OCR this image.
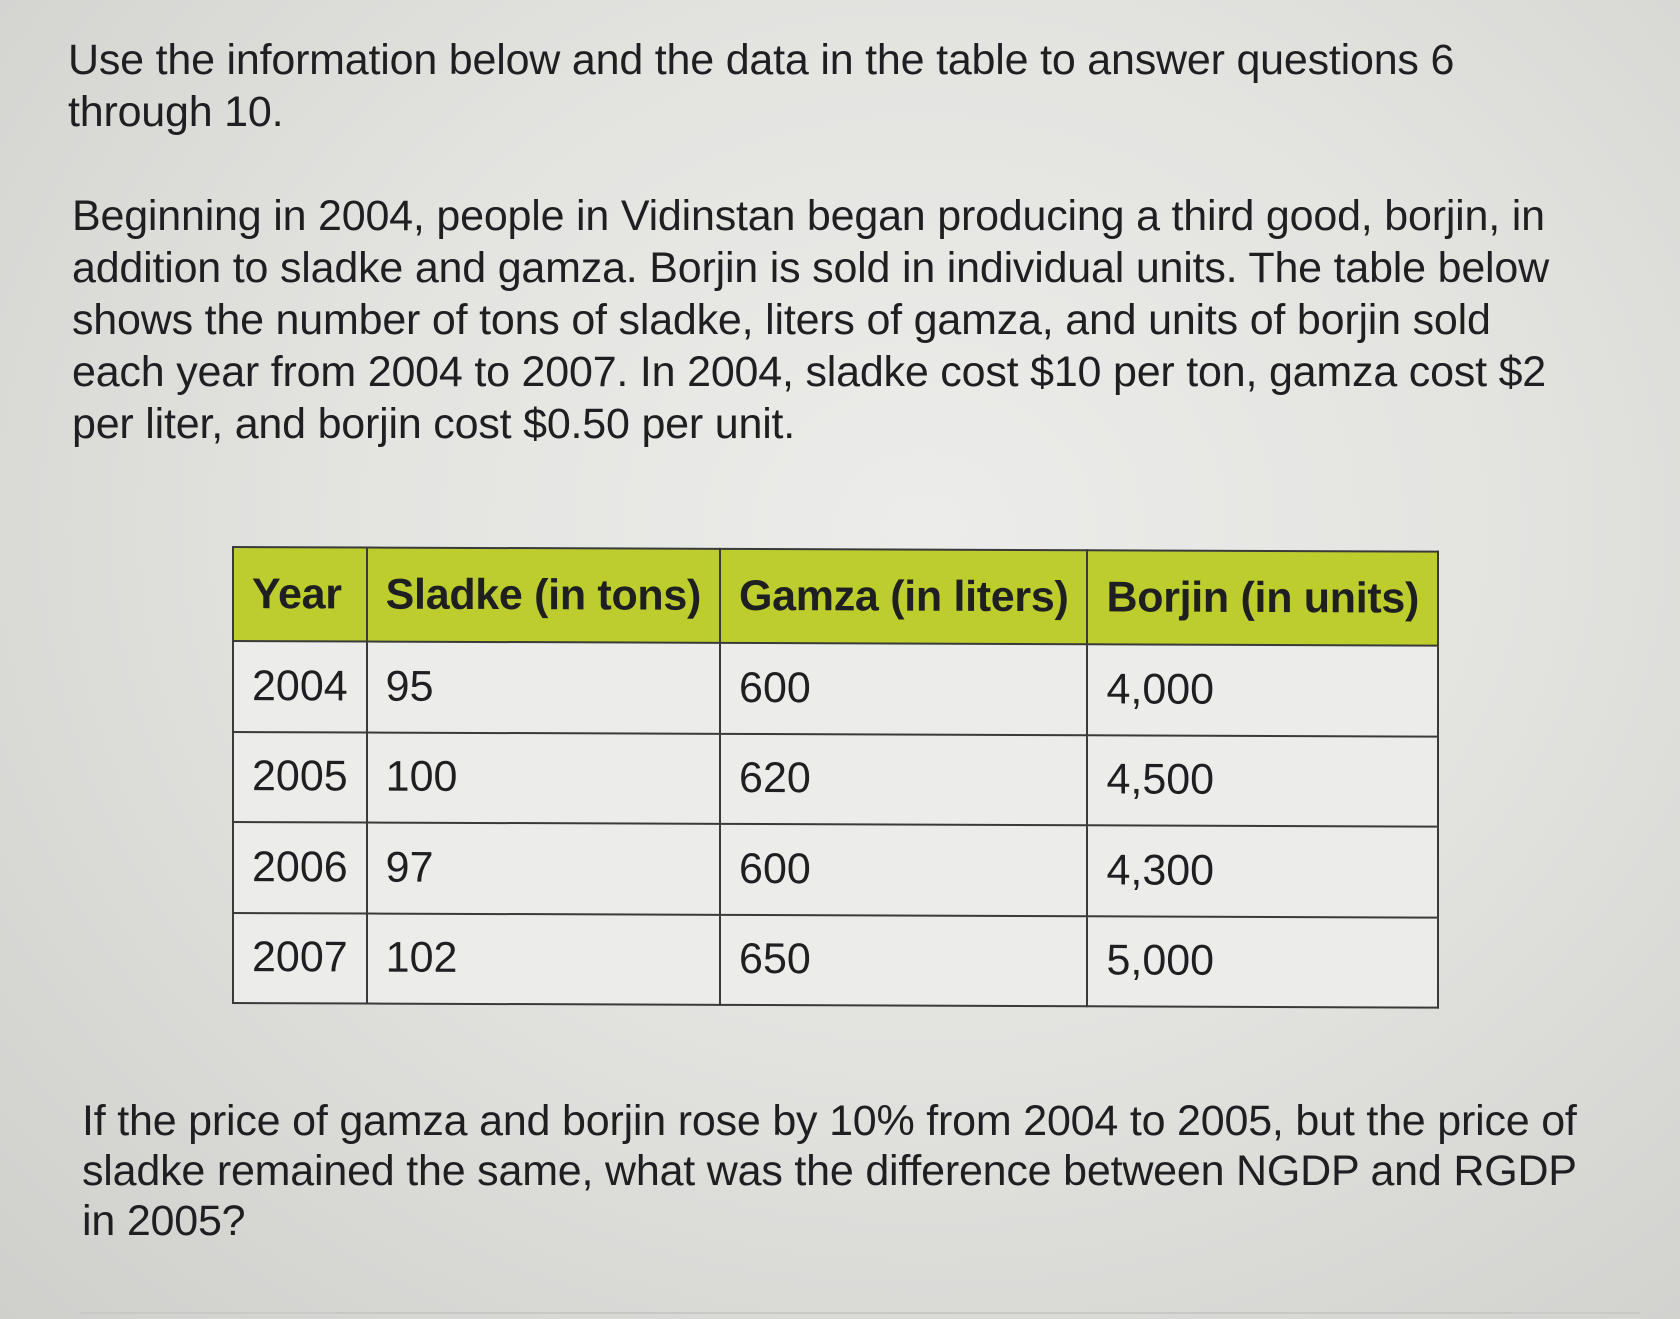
Use the information below and the data in the table to answer questions 6 through 10.

Beginning in 2004, people in Vidinstan began producing a third good, borjin, in addition to sladke and gamza. Borjin is sold in individual units. The table below shows the number of tons of sladke, liters of gamza, and units of borjin sold each year from 2004 to 2007. In 2004, sladke cost $10 per ton, gamza cost $2 per liter, and borjin cost $0.50 per unit.

Year	Sladke (in tons)	Gamza (in liters)	Borjin (in units)
2004	95	600	4,000
2005	100	620	4,500
2006	97	600	4,300
2007	102	650	5,000

If the price of gamza and borjin rose by 10% from 2004 to 2005, but the price of sladke remained the same, what was the difference between NGDP and RGDP in 2005?
